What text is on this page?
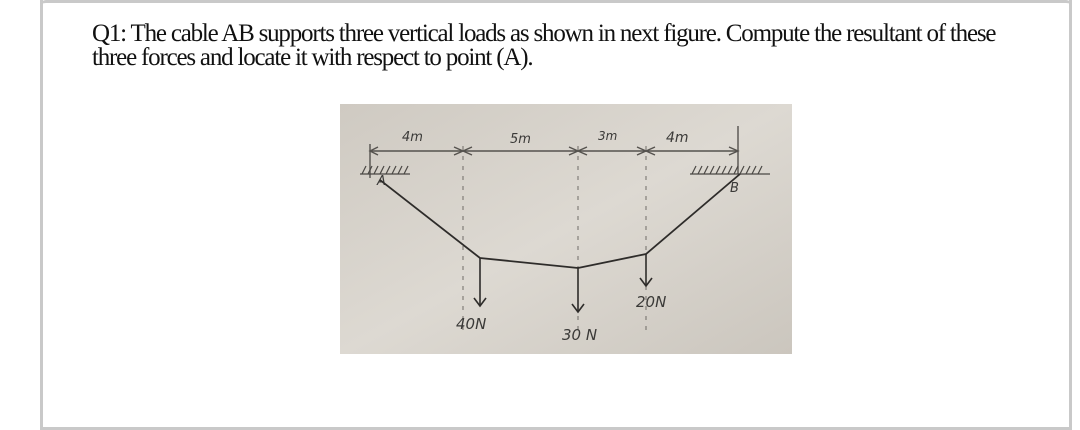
Q1: The cable AB supports three vertical loads as shown in next figure. Compute the resultant of these
three forces and locate it with respect to point (A).
4m	5m	3m	4m
A	B
40N
30 N
20N
